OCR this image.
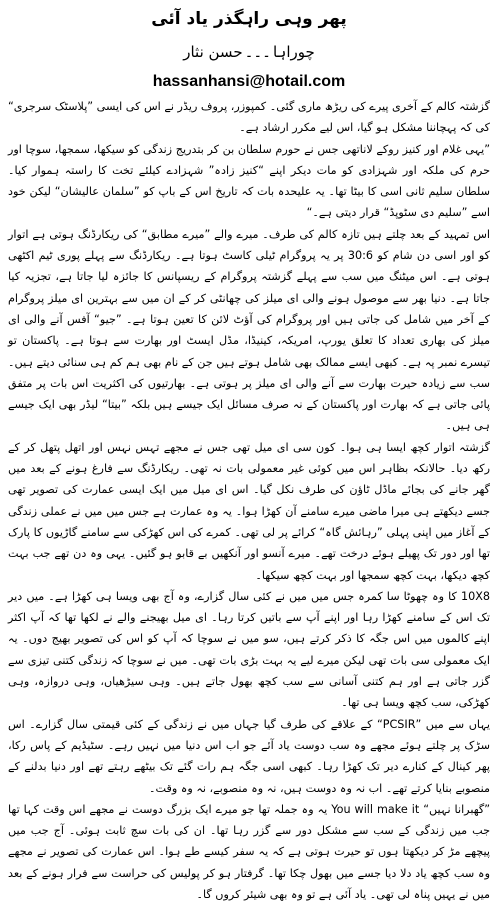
پھر وہی راہگذر یاد آئی
چوراہا۔۔۔حسن نثار
hassanhansi@hotail.com

گزشتہ کالم کے آخری پیرے کی ریڑھ ماری گئی۔ کمپوزر، پروف ریڈر نے اس کی ایسی ”پلاسٹک سرجری“ کی کہ پہچاننا مشکل ہو گیا، اس لیے مکرر ارشاد ہے۔

”یہی غلام اور کنیز روکے لاناتھی جس نے حورم سلطان بن کر بتدریج زندگی کو سیکھا، سمجھا، سوچا اور حرم کی ملکہ اور شہزادی کو مات دیکر اپنے “کنیز زادہ” شہزادے کیلئے تخت کا راستہ ہموار کیا۔ سلطان سلیم ثانی اسی کا بیٹا تھا۔ یہ علیحدہ بات کہ تاریخ اس کے باپ کو ”سلمان عالیشان“ لیکن خود اسے ”سلیم دی سٹوپڈ“ قرار دیتی ہے۔“

اس تمہید کے بعد چلتے ہیں تازہ کالم کی طرف۔ میرے والے ”میرے مطابق“ کی ریکارڈنگ ہوتی ہے اتوار کو اور اسی دن شام کو 30:6 پر یہ پروگرام ٹیلی کاسٹ ہوتا ہے۔ ریکارڈنگ سے پہلے پوری ٹیم اکٹھی ہوتی ہے۔ اس میٹنگ میں سب سے پہلے گزشتہ پروگرام کے ریسپانس کا جائزہ لیا جاتا ہے، تجزیہ کیا جاتا ہے۔ دنیا بھر سے موصول ہونے والی ای میلز کی چھانٹی کر کے ان میں سے بہترین ای میلز پروگرام کے آخر میں شامل کی جاتی ہیں اور پروگرام کی آؤٹ لائن کا تعین ہوتا ہے۔ ”جیو“ آفس آنے والی ای میلز کی بھاری تعداد کا تعلق یورپ، امریکہ، کینیڈا، مڈل ایسٹ اور بھارت سے ہوتا ہے۔ پاکستان تو تیسرے نمبر پہ ہے۔ کبھی ایسے ممالک بھی شامل ہوتے ہیں جن کے نام بھی ہم کم ہی سنائی دیتے ہیں۔ سب سے زیادہ حیرت بھارت سے آنے والی ای میلز پر ہوتی ہے۔ بھارتیوں کی اکثریت اس بات پر متفق پائی جاتی ہے کہ بھارت اور پاکستان کے نہ صرف مسائل ایک جیسے ہیں بلکہ ”بیتا“ لیڈر بھی ایک جیسے ہی ہیں۔

گزشتہ اتوار کچھ ایسا ہی ہوا۔ کون سی ای میل تھی جس نے مجھے تہس نہس اور اتھل پتھل کر کے رکھ دیا۔ حالانکہ بظاہر اس میں کوئی غیر معمولی بات نہ تھی۔ ریکارڈنگ سے فارغ ہونے کے بعد میں گھر جانے کی بجائے ماڈل ٹاؤن کی طرف نکل گیا۔ اس ای میل میں ایک ایسی عمارت کی تصویر تھی جسے دیکھتے ہی میرا ماضی میرے سامنے آن کھڑا ہوا۔ یہ وہ عمارت ہے جس میں میں نے عملی زندگی کے آغاز میں اپنی پہلی ”رہائش گاہ“ کرائے پر لی تھی۔ کمرے کی اس کھڑکی سے سامنے گاڑیوں کا پارک تھا اور دور تک پھیلے ہوئے درخت تھے۔ میرے آنسو اور آنکھیں بے قابو ہو گئیں۔ یہی وہ دن تھے جب بہت کچھ دیکھا، بہت کچھ سمجھا اور بہت کچھ سیکھا۔

10X8 کا وہ چھوٹا سا کمرہ جس میں میں نے کئی سال گزارے، وہ آج بھی ویسا ہی کھڑا ہے۔ میں دیر تک اس کے سامنے کھڑا رہا اور اپنے آپ سے باتیں کرتا رہا۔ ای میل بھیجنے والے نے لکھا تھا کہ آپ اکثر اپنے کالموں میں اس جگہ کا ذکر کرتے ہیں، سو میں نے سوچا کہ آپ کو اس کی تصویر بھیج دوں۔ یہ ایک معمولی سی بات تھی لیکن میرے لیے یہ بہت بڑی بات تھی۔ میں نے سوچا کہ زندگی کتنی تیزی سے گزر جاتی ہے اور ہم کتنی آسانی سے سب کچھ بھول جاتے ہیں۔ وہی سیڑھیاں، وہی دروازہ، وہی کھڑکی، سب کچھ ویسا ہی تھا۔

یہاں سے میں ”PCSIR“ کے علاقے کی طرف گیا جہاں میں نے زندگی کے کئی قیمتی سال گزارے۔ اس سڑک پر چلتے ہوئے مجھے وہ سب دوست یاد آئے جو اب اس دنیا میں نہیں رہے۔ سٹیڈیم کے پاس رکا، پھر کینال کے کنارے دیر تک کھڑا رہا۔ کبھی اسی جگہ ہم رات گئے تک بیٹھے رہتے تھے اور دنیا بدلنے کے منصوبے بنایا کرتے تھے۔ اب نہ وہ دوست ہیں، نہ وہ منصوبے، نہ وہ وقت۔

”گھبرانا نہیں“ You will make it یہ وہ جملہ تھا جو میرے ایک بزرگ دوست نے مجھے اس وقت کہا تھا جب میں زندگی کے سب سے مشکل دور سے گزر رہا تھا۔ ان کی بات سچ ثابت ہوئی۔ آج جب میں پیچھے مڑ کر دیکھتا ہوں تو حیرت ہوتی ہے کہ یہ سفر کیسے طے ہوا۔ اس عمارت کی تصویر نے مجھے وہ سب کچھ یاد دلا دیا جسے میں بھول چکا تھا۔ گرفتار ہو کر پولیس کی حراست سے فرار ہونے کے بعد میں نے یہیں پناہ لی تھی۔ یاد آئی ہے تو وہ بھی شیئر کروں گا۔
